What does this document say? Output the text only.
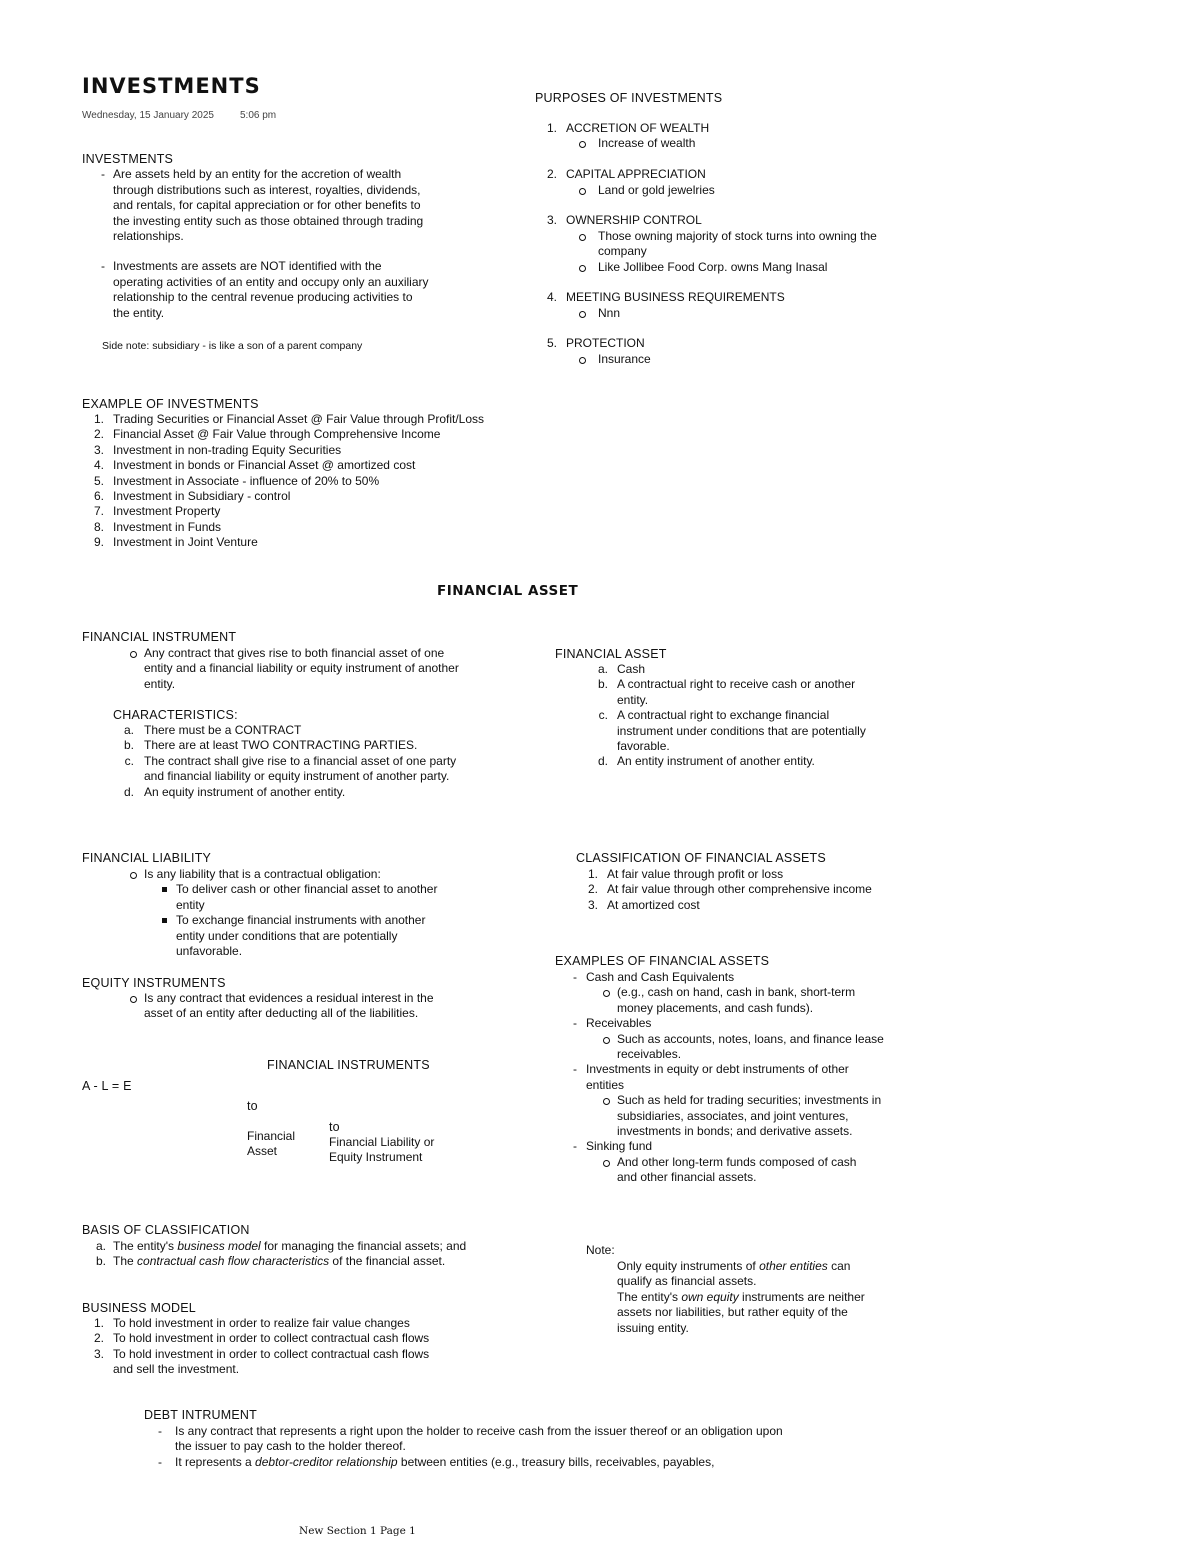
INVESTMENTS
Wednesday, 15 January 2025	5:06 pm
INVESTMENTS
- Are assets held by an entity for the accretion of wealth
through distributions such as interest, royalties, dividends,
and rentals, for capital appreciation or for other benefits to
the investing entity such as those obtained through trading
relationships.
- Investments are assets are NOT identified with the
operating activities of an entity and occupy only an auxiliary
relationship to the central revenue producing activities to
the entity.
Side note: subsidiary - is like a son of a parent company
PURPOSES OF INVESTMENTS
1. ACCRETION OF WEALTH
Increase of wealth
2. CAPITAL APPRECIATION
Land or gold jewelries
3. OWNERSHIP CONTROL
Those owning majority of stock turns into owning the
company
Like Jollibee Food Corp. owns Mang Inasal
4. MEETING BUSINESS REQUIREMENTS
Nnn
5. PROTECTION
Insurance
EXAMPLE OF INVESTMENTS
1. Trading Securities or Financial Asset @ Fair Value through Profit/Loss
2. Financial Asset @ Fair Value through Comprehensive Income
3. Investment in non-trading Equity Securities
4. Investment in bonds or Financial Asset @ amortized cost
5. Investment in Associate - influence of 20% to 50%
6. Investment in Subsidiary - control
7. Investment Property
8. Investment in Funds
9. Investment in Joint Venture
FINANCIAL ASSET
FINANCIAL INSTRUMENT
Any contract that gives rise to both financial asset of one
entity and a financial liability or equity instrument of another
entity.
CHARACTERISTICS:
a. There must be a CONTRACT
b. There are at least TWO CONTRACTING PARTIES.
c. The contract shall give rise to a financial asset of one party
and financial liability or equity instrument of another party.
d. An equity instrument of another entity.
FINANCIAL ASSET
a. Cash
b. A contractual right to receive cash or another
entity.
c. A contractual right to exchange financial
instrument under conditions that are potentially
favorable.
d. An entity instrument of another entity.
FINANCIAL LIABILITY
Is any liability that is a contractual obligation:
To deliver cash or other financial asset to another
entity
To exchange financial instruments with another
entity under conditions that are potentially
unfavorable.
EQUITY INSTRUMENTS
Is any contract that evidences a residual interest in the
asset of an entity after deducting all of the liabilities.
CLASSIFICATION OF FINANCIAL ASSETS
1. At fair value through profit or loss
2. At fair value through other comprehensive income
3. At amortized cost
EXAMPLES OF FINANCIAL ASSETS
- Cash and Cash Equivalents
(e.g., cash on hand, cash in bank, short-term
money placements, and cash funds).
- Receivables
Such as accounts, notes, loans, and finance lease
receivables.
- Investments in equity or debt instruments of other
entities
Such as held for trading securities; investments in
subsidiaries, associates, and joint ventures,
investments in bonds; and derivative assets.
- Sinking fund
And other long-term funds composed of cash
and other financial assets.
FINANCIAL INSTRUMENTS
A - L = E
to
Financial
Asset
to
Financial Liability or
Equity Instrument
BASIS OF CLASSIFICATION
a. The entity's business model for managing the financial assets; and
b. The contractual cash flow characteristics of the financial asset.
Note:
Only equity instruments of other entities can
qualify as financial assets.
The entity's own equity instruments are neither
assets nor liabilities, but rather equity of the
issuing entity.
BUSINESS MODEL
1. To hold investment in order to realize fair value changes
2. To hold investment in order to collect contractual cash flows
3. To hold investment in order to collect contractual cash flows
and sell the investment.
DEBT INTRUMENT
- Is any contract that represents a right upon the holder to receive cash from the issuer thereof or an obligation upon
the issuer to pay cash to the holder thereof.
- It represents a debtor-creditor relationship between entities (e.g., treasury bills, receivables, payables,
New Section 1 Page 1
